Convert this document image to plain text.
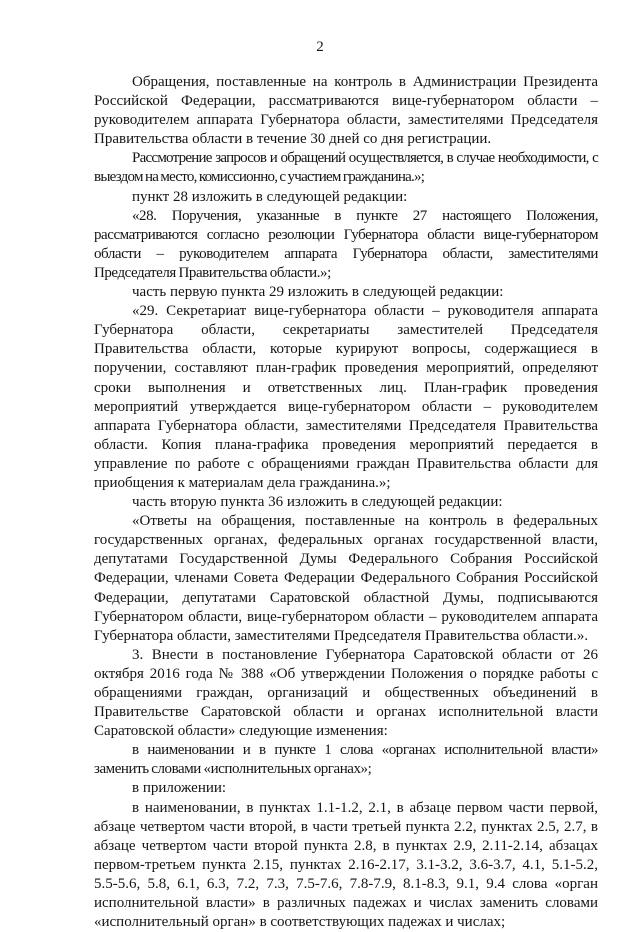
2

Обращения, поставленные на контроль в Администрации Президента Российской Федерации, рассматриваются вице-губернатором области – руководителем аппарата Губернатора области, заместителями Председателя Правительства области в течение 30 дней со дня регистрации.

Рассмотрение запросов и обращений осуществляется, в случае необходимости, с выездом на место, комиссионно, с участием гражданина.»;

пункт 28 изложить в следующей редакции:

«28. Поручения, указанные в пункте 27 настоящего Положения, рассматриваются согласно резолюции Губернатора области вице-губернатором области – руководителем аппарата Губернатора области, заместителями Председателя Правительства области.»;

часть первую пункта 29 изложить в следующей редакции:

«29. Секретариат вице-губернатора области – руководителя аппарата Губернатора области, секретариаты заместителей Председателя Правительства области, которые курируют вопросы, содержащиеся в поручении, составляют план-график проведения мероприятий, определяют сроки выполнения и ответственных лиц. План-график проведения мероприятий утверждается вице-губернатором области – руководителем аппарата Губернатора области, заместителями Председателя Правительства области. Копия плана-графика проведения мероприятий передается в управление по работе с обращениями граждан Правительства области для приобщения к материалам дела гражданина.»;

часть вторую пункта 36 изложить в следующей редакции:

«Ответы на обращения, поставленные на контроль в федеральных государственных органах, федеральных органах государственной власти, депутатами Государственной Думы Федерального Собрания Российской Федерации, членами Совета Федерации Федерального Собрания Российской Федерации, депутатами Саратовской областной Думы, подписываются Губернатором области, вице-губернатором области – руководителем аппарата Губернатора области, заместителями Председателя Правительства области.».

3. Внести в постановление Губернатора Саратовской области от 26 октября 2016 года № 388 «Об утверждении Положения о порядке работы с обращениями граждан, организаций и общественных объединений в Правительстве Саратовской области и органах исполнительной власти Саратовской области» следующие изменения:

в наименовании и в пункте 1 слова «органах исполнительной власти» заменить словами «исполнительных органах»;

в приложении:

в наименовании, в пунктах 1.1-1.2, 2.1, в абзаце первом части первой, абзаце четвертом части второй, в части третьей пункта 2.2, пунктах 2.5, 2.7, в абзаце четвертом части второй пункта 2.8, в пунктах 2.9, 2.11-2.14, абзацах первом-третьем пункта 2.15, пунктах 2.16-2.17, 3.1-3.2, 3.6-3.7, 4.1, 5.1-5.2, 5.5-5.6, 5.8, 6.1, 6.3, 7.2, 7.3, 7.5-7.6, 7.8-7.9, 8.1-8.3, 9.1, 9.4 слова «орган исполнительной власти» в различных падежах и числах заменить словами «исполнительный орган» в соответствующих падежах и числах;
